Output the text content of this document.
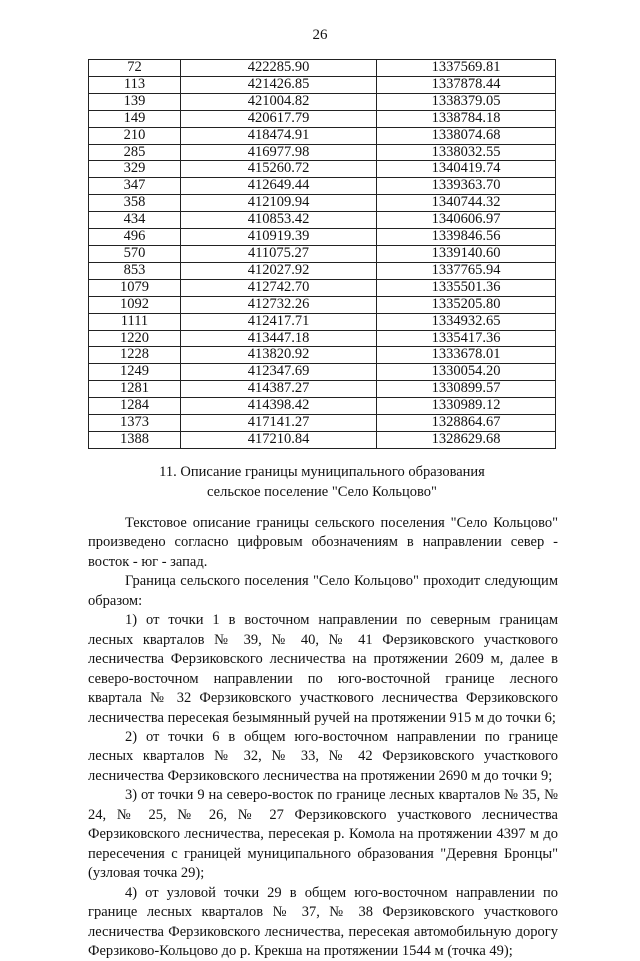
26
72	422285.90	1337569.81
113	421426.85	1337878.44
139	421004.82	1338379.05
149	420617.79	1338784.18
210	418474.91	1338074.68
285	416977.98	1338032.55
329	415260.72	1340419.74
347	412649.44	1339363.70
358	412109.94	1340744.32
434	410853.42	1340606.97
496	410919.39	1339846.56
570	411075.27	1339140.60
853	412027.92	1337765.94
1079	412742.70	1335501.36
1092	412732.26	1335205.80
1111	412417.71	1334932.65
1220	413447.18	1335417.36
1228	413820.92	1333678.01
1249	412347.69	1330054.20
1281	414387.27	1330899.57
1284	414398.42	1330989.12
1373	417141.27	1328864.67
1388	417210.84	1328629.68
11. Описание границы муниципального образования
сельское поселение "Село Кольцово"

Текстовое описание границы сельского поселения "Село Кольцово" произведено согласно цифровым обозначениям в направлении север - восток - юг - запад.

Граница сельского поселения "Село Кольцово" проходит следующим образом:

1) от точки 1 в восточном направлении по северным границам лесных кварталов № 39, № 40, № 41 Ферзиковского участкового лесничества Ферзиковского лесничества на протяжении 2609 м, далее в северо-восточном направлении по юго-восточной границе лесного квартала № 32 Ферзиковского участкового лесничества Ферзиковского лесничества пересекая безымянный ручей на протяжении 915 м до точки 6;

2) от точки 6 в общем юго-восточном направлении по границе лесных кварталов № 32, № 33, № 42 Ферзиковского участкового лесничества Ферзиковского лесничества на протяжении 2690 м до точки 9;

3) от точки 9 на северо-восток по границе лесных кварталов № 35, № 24, № 25, № 26, № 27 Ферзиковского участкового лесничества Ферзиковского лесничества, пересекая р. Комола на протяжении 4397 м до пересечения с границей муниципального образования "Деревня Бронцы" (узловая точка 29);

4) от узловой точки 29 в общем юго-восточном направлении по границе лесных кварталов № 37, № 38 Ферзиковского участкового лесничества Ферзиковского лесничества, пересекая автомобильную дорогу Ферзиково-Кольцово до р. Крекша на протяжении 1544 м (точка 49);
